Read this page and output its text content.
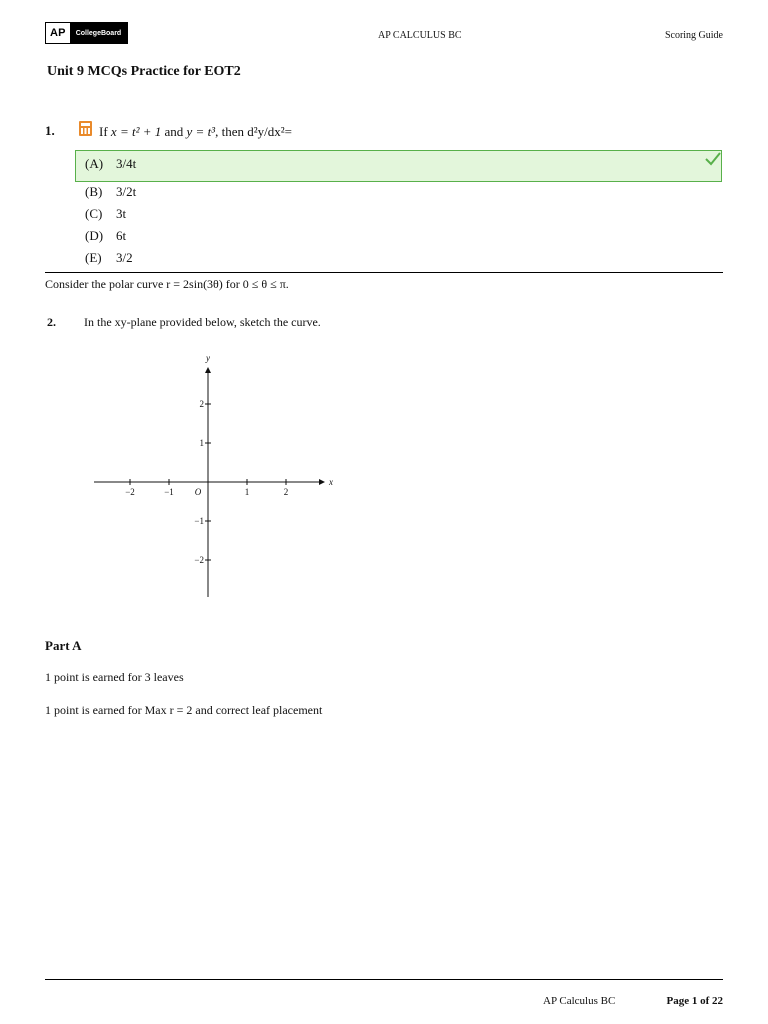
AP	CollegeBoard	AP CALCULUS BC	Scoring Guide
Unit 9 MCQs Practice for EOT2
1.	If x = t² + 1 and y = t³, then d²y/dx²=
(A) 3/4t
(B) 3/2t
(C) 3t
(D) 6t
(E) 3/2
Consider the polar curve r = 2sin(3θ) for 0 ≤ θ ≤ π.
2. In the xy-plane provided below, sketch the curve.
−2	−1	1	2
2
1
−1
−2
O
x
y
Part A
1 point is earned for 3 leaves
1 point is earned for Max r = 2 and correct leaf placement
AP Calculus BC	Page 1 of 22
